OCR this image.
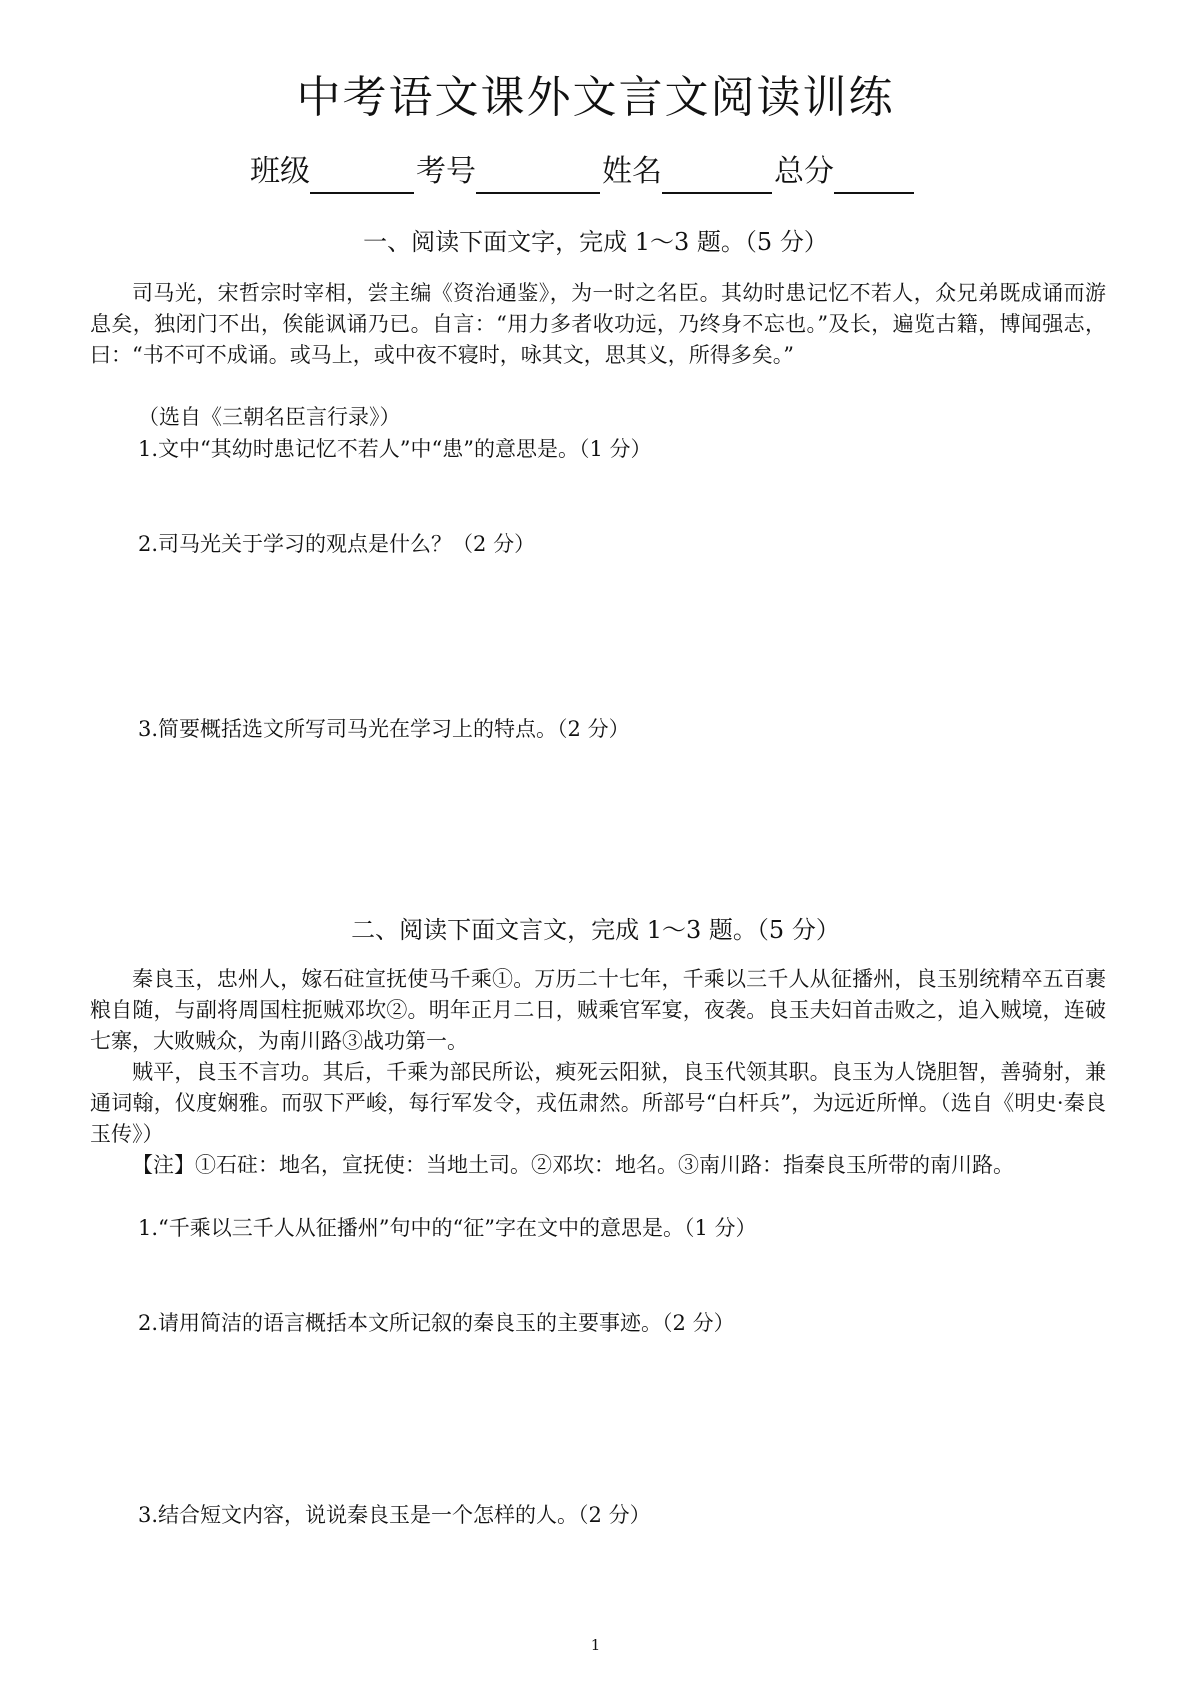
中考语文课外文言文阅读训练
班级	考号	姓名	总分
一、阅读下面文字，完成 1～3 题。（5 分）

司马光，宋哲宗时宰相，尝主编《资治通鉴》，为一时之名臣。其幼时患记忆不若人，众兄弟既成诵而游息矣，独闭门不出，俟能讽诵乃已。自言：“用力多者收功远，乃终身不忘也。”及长，遍览古籍，博闻强志，曰：“书不可不成诵。或马上，或中夜不寝时，咏其文，思其义，所得多矣。”

（选自《三朝名臣言行录》）
1.文中“其幼时患记忆不若人”中“患”的意思是。（1 分）
2.司马光关于学习的观点是什么？（2 分）
3.简要概括选文所写司马光在学习上的特点。（2 分）
二、阅读下面文言文，完成 1～3 题。（5 分）

秦良玉，忠州人，嫁石砫宣抚使马千乘①。万历二十七年，千乘以三千人从征播州，良玉别统精卒五百裹粮自随，与副将周国柱扼贼邓坎②。明年正月二日，贼乘官军宴，夜袭。良玉夫妇首击败之，追入贼境，连破七寨，大败贼众，为南川路③战功第一。

贼平，良玉不言功。其后，千乘为部民所讼，瘐死云阳狱，良玉代领其职。良玉为人饶胆智，善骑射，兼通词翰，仪度娴雅。而驭下严峻，每行军发令，戎伍肃然。所部号“白杆兵”，为远近所惮。（选自《明史·秦良玉传》）

【注】①石砫：地名，宣抚使：当地土司。②邓坎：地名。③南川路：指秦良玉所带的南川路。

1.“千乘以三千人从征播州”句中的“征”字在文中的意思是。（1 分）
2.请用简洁的语言概括本文所记叙的秦良玉的主要事迹。（2 分）
3.结合短文内容，说说秦良玉是一个怎样的人。（2 分）
1
